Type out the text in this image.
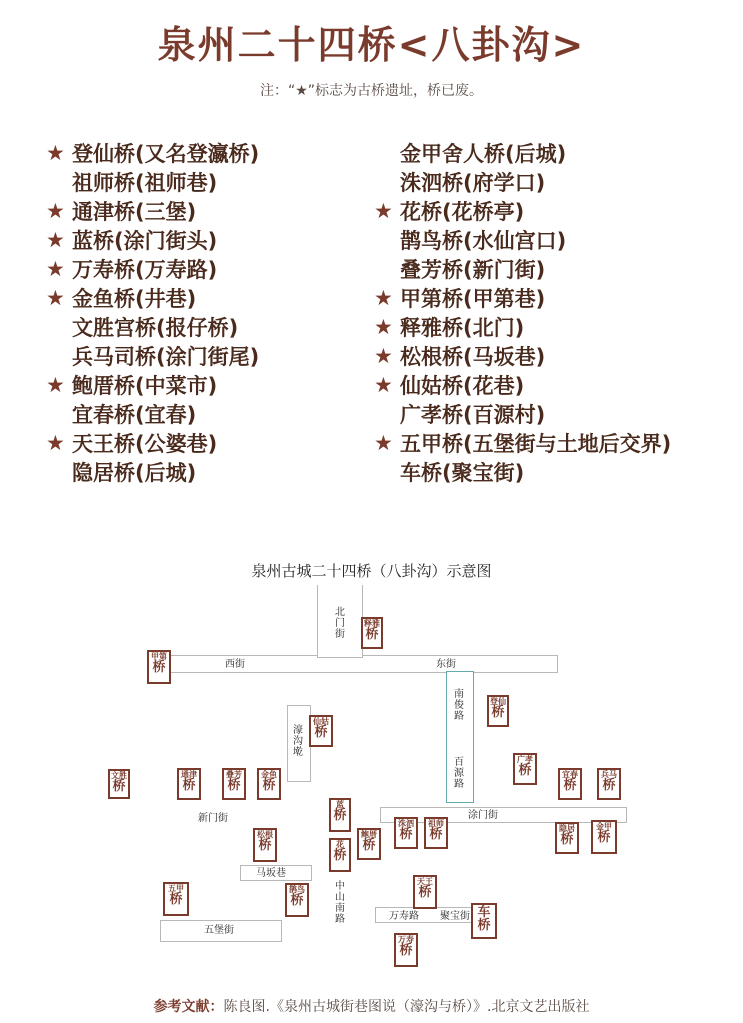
泉州二十四桥<八卦沟>
注：“★”标志为古桥遗址，桥已废。
★ 登仙桥(又名登瀛桥)
祖师桥(祖师巷)
★ 通津桥(三堡)
★ 蓝桥(涂门街头)
★ 万寿桥(万寿路)
★ 金鱼桥(井巷)
文胜宫桥(报仔桥)
兵马司桥(涂门街尾)
★ 鲍厝桥(中菜市)
宜春桥(宜春)
★ 天王桥(公婆巷)
隐居桥(后城)
金甲舍人桥(后城)
洙泗桥(府学口)
★ 花桥(花桥亭)
鹊鸟桥(水仙宫口)
叠芳桥(新门街)
★ 甲第桥(甲第巷)
★ 释雅桥(北门)
★ 松根桥(马坂巷)
★ 仙姑桥(花巷)
广孝桥(百源村)
★ 五甲桥(五堡街与土地后交界)
车桥(聚宝街)
泉州古城二十四桥（八卦沟）示意图
北门街
西街	东街
南俊路
百源路
濠沟墘
新门街	涂门街
马坂巷
中山南路
五堡街
万寿路 聚宝街
释雅
桥
甲第
桥
仙姑
桥
登仙
桥
文胜
桥
通津
桥
叠芳
桥
金鱼
桥
广孝
桥	宜春
桥
兵马
桥
蓝
桥
鲍厝
桥
洙泗
桥
祖师
桥
松根
桥	花
桥
隐居
桥
金甲
桥
五甲
桥
鹊鸟
桥
天王
桥
车桥
万寿
桥
参考文献：陈良图.《泉州古城街巷图说（濠沟与桥）》.北京文艺出版社
